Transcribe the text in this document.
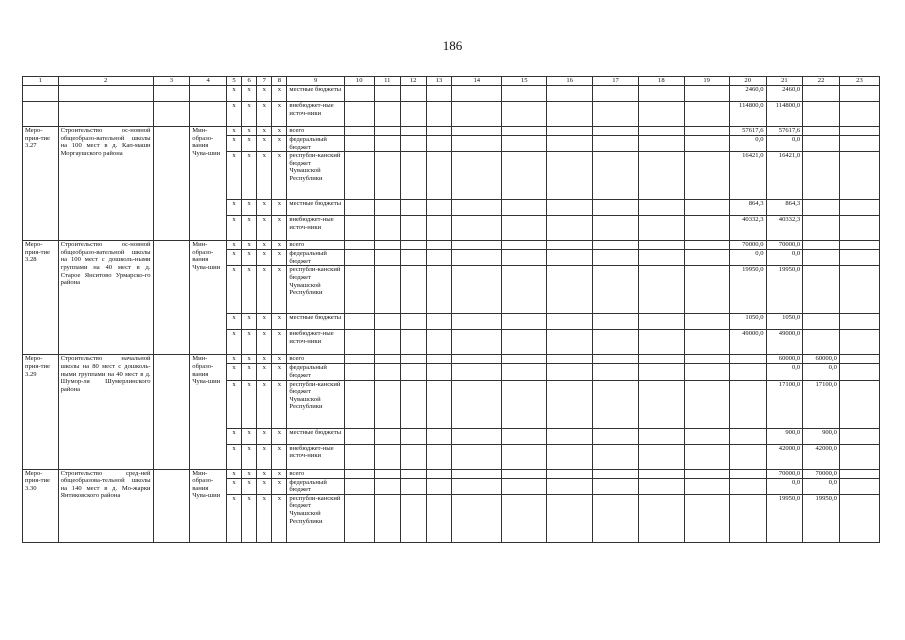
186
1	2	3	4	5	6	7	8	9	10	11	12	13	14	15	16	17	18	19	20	21	22	23
				х	х	х	х	местные бюджеты											2460,0	2460,0		
				х	х	х	х	внебюджет-ные источ-ники											114800,0	114800,0		
Меро-прия-тие 3.27	Строительство ос-новной общеобразо-вательной школы на 100 мест в д. Кап-машн Моргаушского района		Мин-образо-вания Чува-шии	х	х	х	х	всего											57617,6	57617,6		
				х	х	х	х	федеральный бюджет											0,0	0,0		
				х	х	х	х	республи-канский бюджет Чувашской Республики											16421,0	16421,0		
				х	х	х	х	местные бюджеты											864,3	864,3		
				х	х	х	х	внебюджет-ные источ-ники											40332,3	40332,3		
Меро-прия-тие 3.28	Строительство ос-новной общеобразо-вательной школы на 100 мест с дошколь-ными группами на 40 мест в д. Старое Янситово Урмарско-го района		Мин-образо-вания Чува-шии	х	х	х	х	всего											70000,0	70000,0		
				х	х	х	х	федеральный бюджет											0,0	0,0		
				х	х	х	х	республи-канский бюджет Чувашской Республики											19950,0	19950,0		
				х	х	х	х	местные бюджеты											1050,0	1050,0		
				х	х	х	х	внебюджет-ные источ-ники											49000,0	49000,0		
Меро-прия-тие 3.29	Строительство начальной школы на 80 мест с дошколь-ными группами на 40 мест в д. Шумор-ля Шумерлинского района		Мин-образо-вания Чува-шии	х	х	х	х	всего												60000,0	60000,0	
				х	х	х	х	федеральный бюджет												0,0	0,0	
				х	х	х	х	республи-канский бюджет Чувашской Республики												17100,0	17100,0	
				х	х	х	х	местные бюджеты												900,0	900,0	
				х	х	х	х	внебюджет-ные источ-ники												42000,0	42000,0	
Меро-прия-тие 3.30	Строительство сред-ней общеобразова-тельной школы на 140 мест в д. Мо-жарки Янтиковского района		Мин-образо-вания Чува-шии	х	х	х	х	всего												70000,0	70000,0	
				х	х	х	х	федеральный бюджет												0,0	0,0	
				х	х	х	х	республи-канский бюджет Чувашской Республики												19950,0	19950,0	
